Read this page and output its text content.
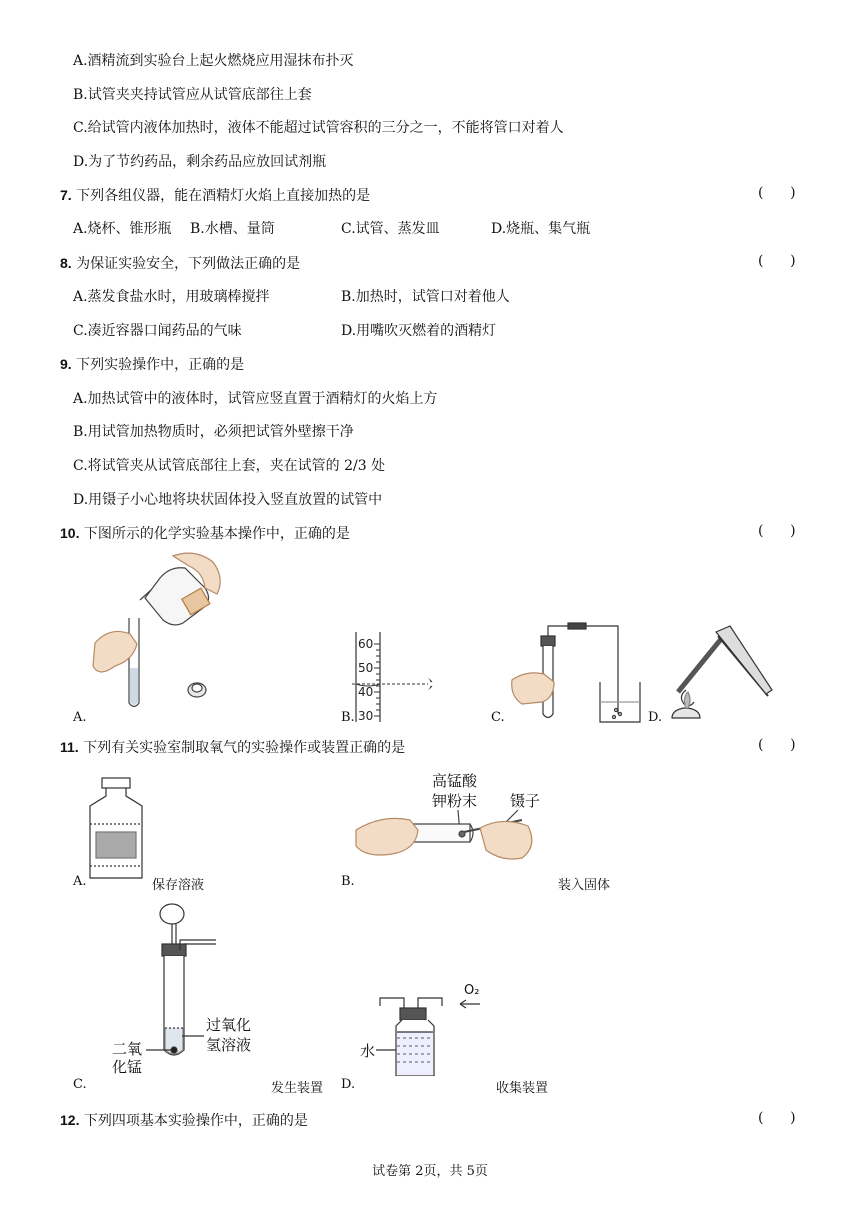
A.酒精流到实验台上起火燃烧应用湿抹布扑灭
B.试管夹夹持试管应从试管底部往上套
C.给试管内液体加热时，液体不能超过试管容积的三分之一，不能将管口对着人
D.为了节约药品，剩余药品应放回试剂瓶
7. 下列各组仪器，能在酒精灯火焰上直接加热的是	(      )
A.烧杯、锥形瓶 B.水槽、量筒	C.试管、蒸发皿	D.烧瓶、集气瓶
8. 为保证实验安全，下列做法正确的是	(      )
A.蒸发食盐水时，用玻璃棒搅拌	B.加热时，试管口对着他人
C.凑近容器口闻药品的气味	D.用嘴吹灭燃着的酒精灯
9. 下列实验操作中，正确的是
A.加热试管中的液体时，试管应竖直置于酒精灯的火焰上方
B.用试管加热物质时，必须把试管外壁擦干净
C.将试管夹从试管底部往上套，夹在试管的 2/3 处
D.用镊子小心地将块状固体投入竖直放置的试管中
10. 下图所示的化学实验基本操作中，正确的是	(      )
A.
60
50
40
30
B.	C.	D.
11. 下列有关实验室制取氧气的实验操作或装置正确的是	(      )
A.	保存溶液
高锰酸
钾粉末 镊子
B.	装入固体
过氧化
氢溶液
二氧
化锰
C.	发生装置
O₂
水
D.	收集装置
12. 下列四项基本实验操作中，正确的是	(      )
试卷第 2页，共 5页
